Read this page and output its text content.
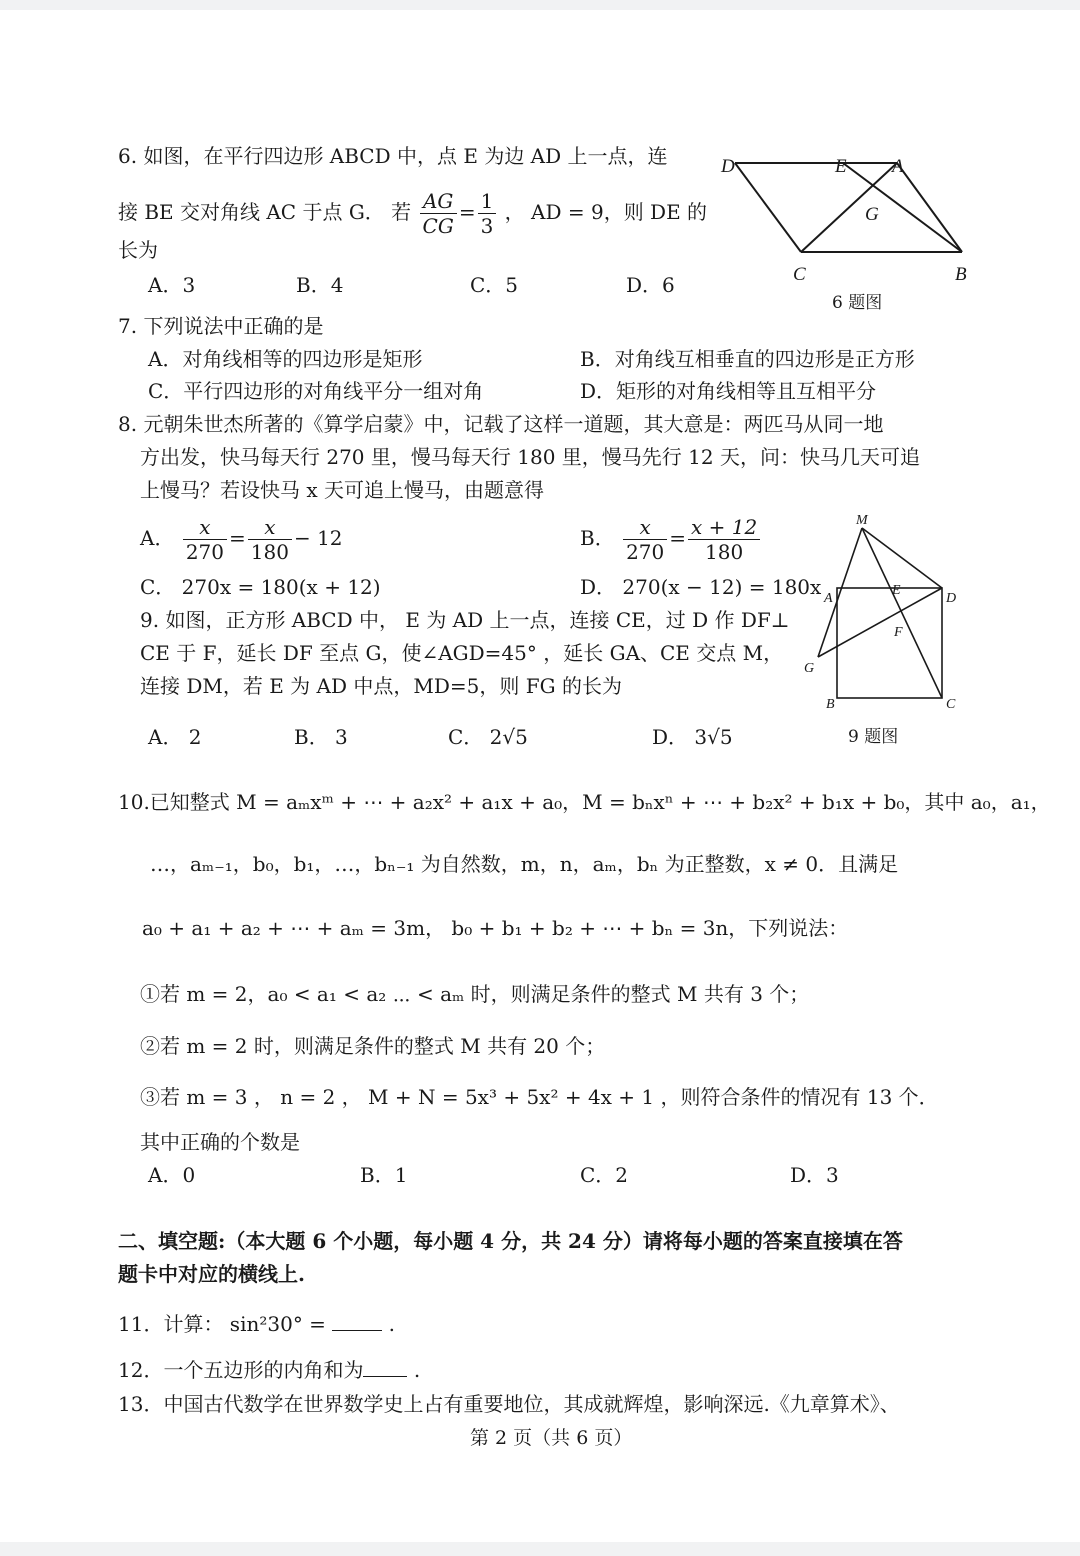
6. 如图，在平行四边形 ABCD 中，点 E 为边 AD 上一点，连
接 BE 交对角线 AC 于点 G． 若 $\frac{AG}{CG} = \frac{1}{3}$ ， AD = 9，则 DE 的
长为
A．3	B．4	C．5	D．6
D	E A
G
C	B
6 题图
7. 下列说法中正确的是
A．对角线相等的四边形是矩形	B．对角线互相垂直的四边形是正方形
C．平行四边形的对角线平分一组对角	D．矩形的对角线相等且互相平分
8. 元朝朱世杰所著的《算学启蒙》中，记载了这样一道题，其大意是：两匹马从同一地
方出发，快马每天行 270 里，慢马每天行 180 里，慢马先行 12 天，问：快马几天可追
上慢马？若设快马 x 天可追上慢马，由题意得
A． $\frac{x}{270} = \frac{x}{180} - 12$	B． $\frac{x}{270} = \frac{x + 12}{180}$
C． 270x = 180(x + 12)	D． 270(x − 12) = 180x
9. 如图，正方形 ABCD 中， E 为 AD 上一点，连接 CE，过 D 作 DF⊥
CE 于 F，延长 DF 至点 G，使∠AGD=45° ，延长 GA、CE 交点 M，
连接 DM，若 E 为 AD 中点，MD=5，则 FG 的长为
A． 2	B． 3	C． 2√5	D． 3√5
M
A
E
D
F
G
B	C
9 题图
10.已知整式 M = aₘxᵐ + ⋯ + a₂x² + a₁x + a₀，M = bₙxⁿ + ⋯ + b₂x² + b₁x + b₀，其中 a₀，a₁，
…，aₘ₋₁，b₀，b₁，…，bₙ₋₁ 为自然数，m，n，aₘ，bₙ 为正整数，x ≠ 0．且满足
a₀ + a₁ + a₂ + ⋯ + aₘ = 3m， b₀ + b₁ + b₂ + ⋯ + bₙ = 3n，下列说法：
①若 m = 2，a₀ < a₁ < a₂ ⋯ < aₘ 时，则满足条件的整式 M 共有 3 个；
②若 m = 2 时，则满足条件的整式 M 共有 20 个；
③若 m = 3 ， n = 2 ， M + N = 5x³ + 5x² + 4x + 1 ，则符合条件的情况有 13 个．
其中正确的个数是
A．0	B．1	C．2	D．3
二、填空题:（本大题 6 个小题，每小题 4 分，共 24 分）请将每小题的答案直接填在答
题卡中对应的横线上.
11．计算： sin²30° =	.
12．一个五边形的内角和为	.
13．中国古代数学在世界数学史上占有重要地位，其成就辉煌，影响深远.《九章算术》、
第 2 页（共 6 页）
